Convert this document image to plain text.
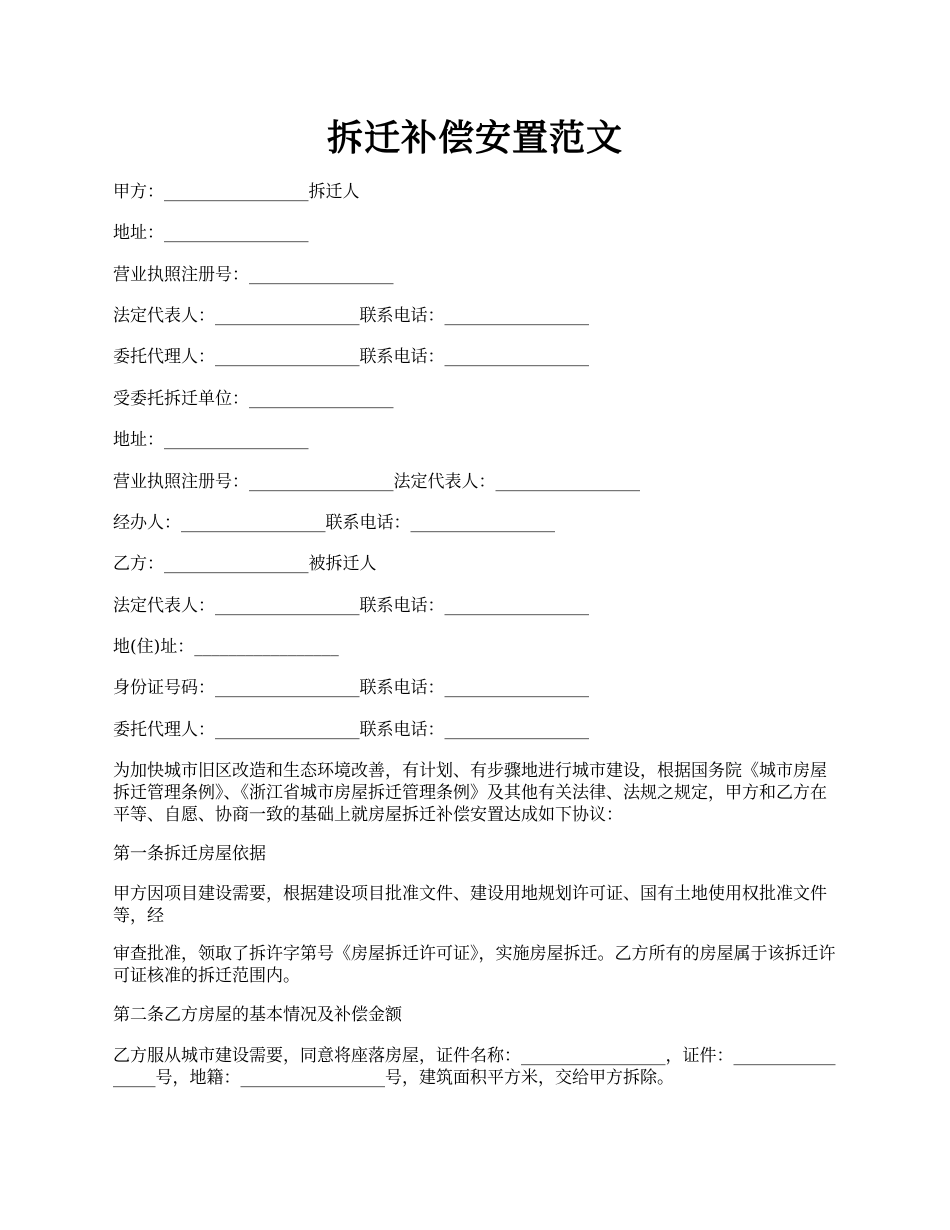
拆迁补偿安置范文

甲方：_________________拆迁人

地址：_________________

营业执照注册号：_________________

法定代表人：_________________联系电话：_________________

委托代理人：_________________联系电话：_________________

受委托拆迁单位：_________________

地址：_________________

营业执照注册号：_________________法定代表人：_________________

经办人：_________________联系电话：_________________

乙方：_________________被拆迁人

法定代表人：_________________联系电话：_________________

地(住)址：_________________

身份证号码：_________________联系电话：_________________

委托代理人：_________________联系电话：_________________

为加快城市旧区改造和生态环境改善，有计划、有步骤地进行城市建设，根据国务院《城市房屋拆迁管理条例》、《浙江省城市房屋拆迁管理条例》及其他有关法律、法规之规定，甲方和乙方在平等、自愿、协商一致的基础上就房屋拆迁补偿安置达成如下协议：

第一条拆迁房屋依据

甲方因项目建设需要，根据建设项目批准文件、建设用地规划许可证、国有土地使用权批准文件等，经

审查批准，领取了拆许字第号《房屋拆迁许可证》，实施房屋拆迁。乙方所有的房屋属于该拆迁许可证核准的拆迁范围内。

第二条乙方房屋的基本情况及补偿金额

乙方服从城市建设需要，同意将座落房屋，证件名称：_________________，证件：_________________号，地籍：_________________号，建筑面积平方米，交给甲方拆除。
